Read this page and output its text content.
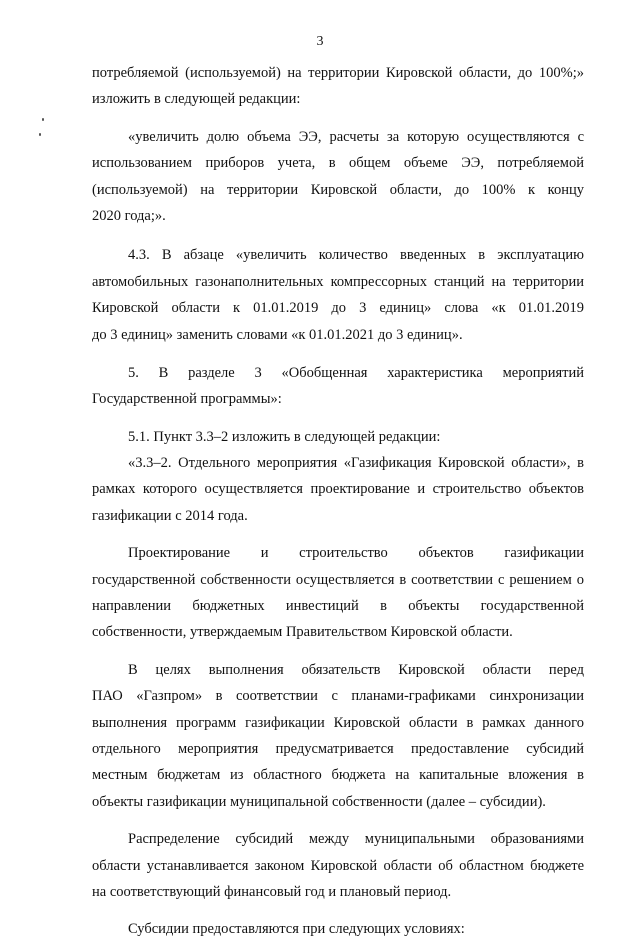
3
потребляемой (используемой) на территории Кировской области, до 100%;»
изложить в следующей редакции:
«увеличить долю объема ЭЭ, расчеты за которую осуществляются с
использованием приборов учета, в общем объеме ЭЭ, потребляемой
(используемой) на территории Кировской области, до 100% к концу
2020 года;».
4.3. В абзаце «увеличить количество введенных в эксплуатацию
автомобильных газонаполнительных компрессорных станций на территории
Кировской области к 01.01.2019 до 3 единиц» слова «к 01.01.2019
до 3 единиц» заменить словами «к 01.01.2021 до 3 единиц».
5. В разделе 3 «Обобщенная характеристика мероприятий
Государственной программы»:
5.1. Пункт 3.3–2 изложить в следующей редакции:
«3.3–2. Отдельного мероприятия «Газификация Кировской области», в
рамках которого осуществляется проектирование и строительство объектов
газификации с 2014 года.
Проектирование и строительство объектов газификации
государственной собственности осуществляется в соответствии с решением о
направлении бюджетных инвестиций в объекты государственной
собственности, утверждаемым Правительством Кировской области.
В целях выполнения обязательств Кировской области перед
ПАО «Газпром» в соответствии с планами-графиками синхронизации
выполнения программ газификации Кировской области в рамках данного
отдельного мероприятия предусматривается предоставление субсидий
местным бюджетам из областного бюджета на капитальные вложения в
объекты газификации муниципальной собственности (далее – субсидии).
Распределение субсидий между муниципальными образованиями
области устанавливается законом Кировской области об областном бюджете
на соответствующий финансовый год и плановый период.
Субсидии предоставляются при следующих условиях:
